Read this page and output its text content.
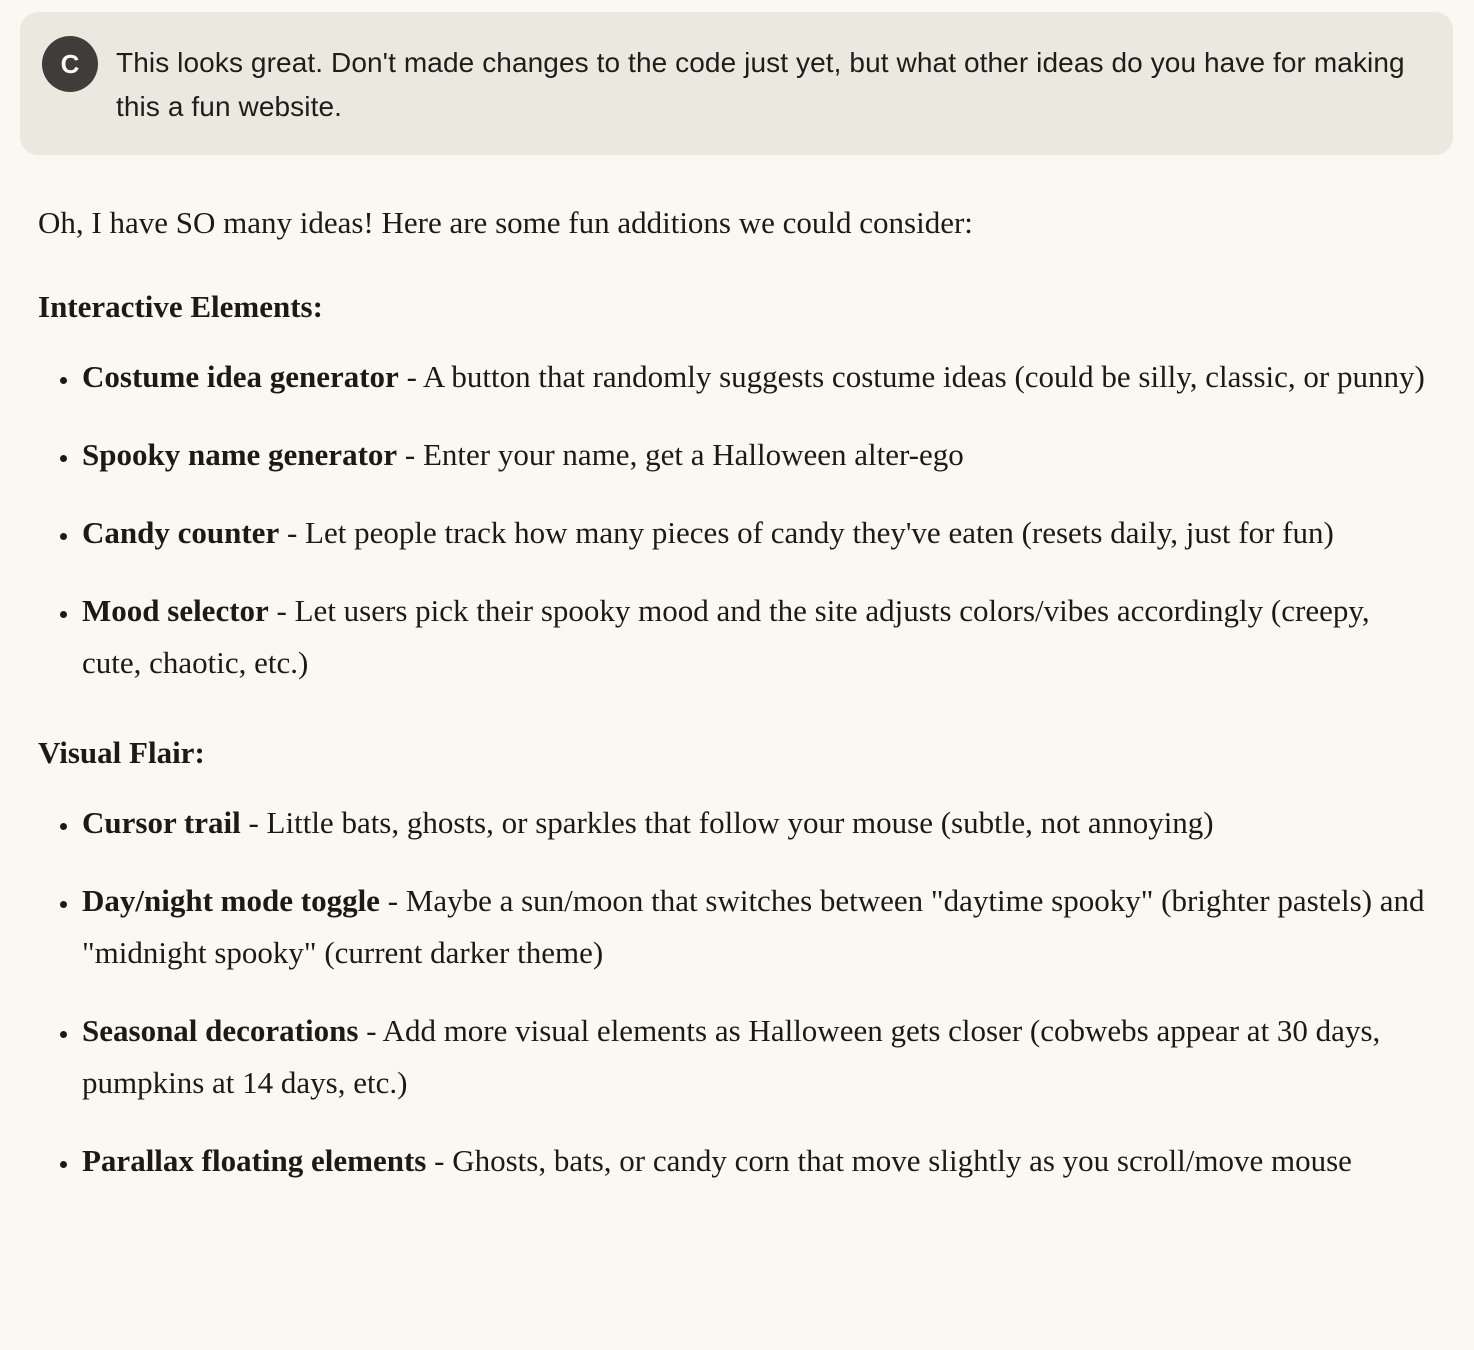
C This looks great. Don't made changes to the code just yet, but what other ideas do you have for making this a fun website.

Oh, I have SO many ideas! Here are some fun additions we could consider:

Interactive Elements:
• Costume idea generator - A button that randomly suggests costume ideas (could be silly, classic, or punny)
• Spooky name generator - Enter your name, get a Halloween alter-ego
• Candy counter - Let people track how many pieces of candy they've eaten (resets daily, just for fun)
• Mood selector - Let users pick their spooky mood and the site adjusts colors/vibes accordingly (creepy, cute, chaotic, etc.)
Visual Flair:
• Cursor trail - Little bats, ghosts, or sparkles that follow your mouse (subtle, not annoying)
• Day/night mode toggle - Maybe a sun/moon that switches between "daytime spooky" (brighter pastels) and "midnight spooky" (current darker theme)
• Seasonal decorations - Add more visual elements as Halloween gets closer (cobwebs appear at 30 days, pumpkins at 14 days, etc.)
• Parallax floating elements - Ghosts, bats, or candy corn that move slightly as you scroll/move mouse
